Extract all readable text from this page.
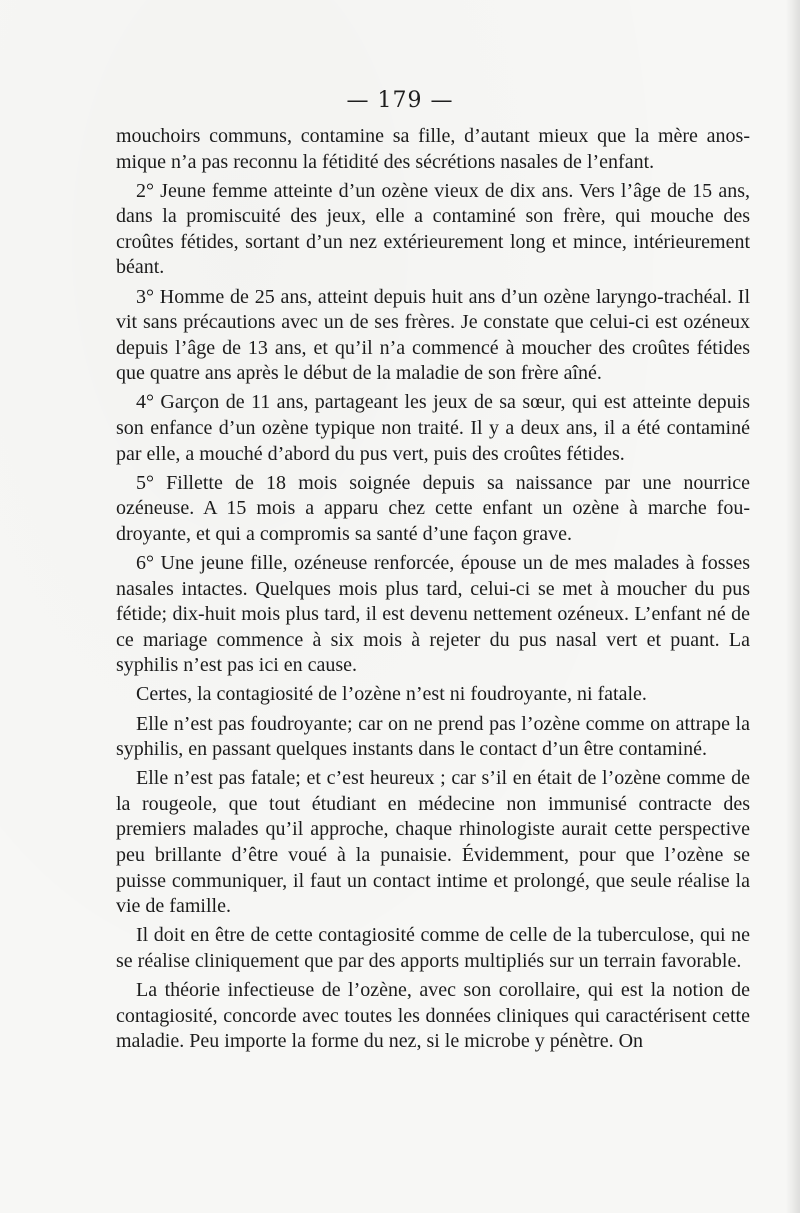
— 179 —

mouchoirs communs, contamine sa fille, d’autant mieux que la mère anosmique n’a pas reconnu la fétidité des sécrétions nasales de l’enfant.

2° Jeune femme atteinte d’un ozène vieux de dix ans. Vers l’âge de 15 ans, dans la promiscuité des jeux, elle a contaminé son frère, qui mouche des croûtes fétides, sortant d’un nez extérieurement long et mince, intérieurement béant.

3° Homme de 25 ans, atteint depuis huit ans d’un ozène laryngo-trachéal. Il vit sans précautions avec un de ses frères. Je constate que celui-ci est ozéneux depuis l’âge de 13 ans, et qu’il n’a commencé à moucher des croûtes fétides que quatre ans après le début de la maladie de son frère aîné.

4° Garçon de 11 ans, partageant les jeux de sa sœur, qui est atteinte depuis son enfance d’un ozène typique non traité. Il y a deux ans, il a été contaminé par elle, a mouché d’abord du pus vert, puis des croûtes fétides.

5° Fillette de 18 mois soignée depuis sa naissance par une nourrice ozéneuse. A 15 mois a apparu chez cette enfant un ozène à marche foudroyante, et qui a compromis sa santé d’une façon grave.

6° Une jeune fille, ozéneuse renforcée, épouse un de mes malades à fosses nasales intactes. Quelques mois plus tard, celui-ci se met à moucher du pus fétide; dix-huit mois plus tard, il est devenu nettement ozéneux. L’enfant né de ce mariage commence à six mois à rejeter du pus nasal vert et puant. La syphilis n’est pas ici en cause.

Certes, la contagiosité de l’ozène n’est ni foudroyante, ni fatale.

Elle n’est pas foudroyante; car on ne prend pas l’ozène comme on attrape la syphilis, en passant quelques instants dans le contact d’un être contaminé.

Elle n’est pas fatale; et c’est heureux ; car s’il en était de l’ozène comme de la rougeole, que tout étudiant en médecine non immunisé contracte des premiers malades qu’il approche, chaque rhinologiste aurait cette perspective peu brillante d’être voué à la punaisie. Évidemment, pour que l’ozène se puisse communiquer, il faut un contact intime et prolongé, que seule réalise la vie de famille.

Il doit en être de cette contagiosité comme de celle de la tuberculose, qui ne se réalise cliniquement que par des apports multipliés sur un terrain favorable.

La théorie infectieuse de l’ozène, avec son corollaire, qui est la notion de contagiosité, concorde avec toutes les données cliniques qui caractérisent cette maladie. Peu importe la forme du nez, si le microbe y pénètre. On
